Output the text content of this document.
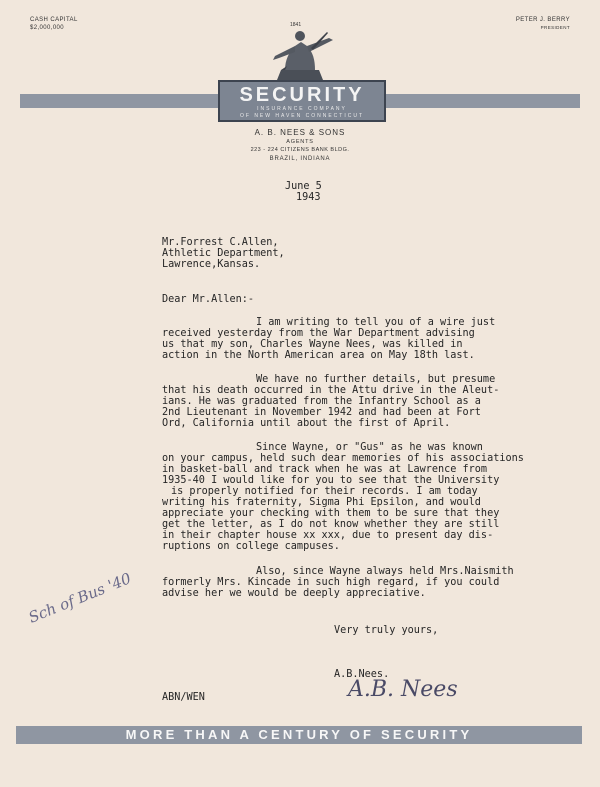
CASH CAPITAL
$2,000,000
PETER J. BERRY
PRESIDENT
1841
SECURITY
INSURANCE COMPANY
OF NEW HAVEN CONNECTICUT
A. B. NEES & SONS
AGENTS
223 - 224 CITIZENS BANK BLDG.
BRAZIL, INDIANA
June 5
1943
Mr.Forrest C.Allen,
Athletic Department,
Lawrence,Kansas.
Dear Mr.Allen:-
I am writing to tell you of a wire just
received yesterday from the War Department advising
us that my son, Charles Wayne Nees, was killed in
action in the North American area on May 18th last.
We have no further details, but presume
that his death occurred in the Attu drive in the Aleut-
ians. He was graduated from the Infantry School as a
2nd Lieutenant in November 1942 and had been at Fort
Ord, California until about the first of April.
Since Wayne, or "Gus" as he was known
on your campus, held such dear memories of his associations
in basket-ball and track when he was at Lawrence from
1935-40 I would like for you to see that the University
is properly notified for their records. I am today
writing his fraternity, Sigma Phi Epsilon, and would
appreciate your checking with them to be sure that they
get the letter, as I do not know whether they are still
in their chapter house xx xxx, due to present day dis-
ruptions on college campuses.
Also, since Wayne always held Mrs.Naismith
formerly Mrs. Kincade in such high regard, if you could
advise her we would be deeply appreciative.
Very truly yours,
A.B.Nees.
A.B. Nees
ABN/WEN
Sch of Bus '40
MORE THAN A CENTURY OF SECURITY
